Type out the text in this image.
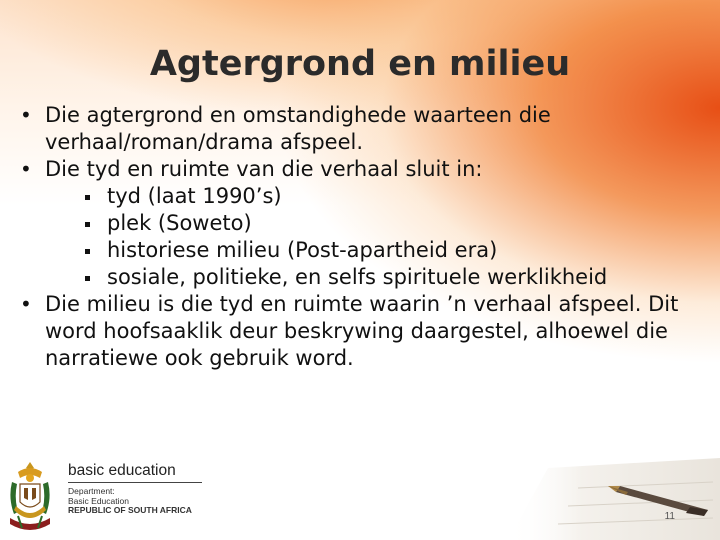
Agtergrond en milieu

• Die agtergrond en omstandighede waarteen die verhaal/roman/drama afspeel.

• Die tyd en ruimte van die verhaal sluit in:

tyd (laat 1990’s)

plek (Soweto)

historiese milieu (Post-apartheid era)

sosiale, politieke, en selfs spirituele werklikheid

• Die milieu is die tyd en ruimte waarin ’n verhaal afspeel. Dit word hoofsaaklik deur beskrywing daargestel, alhoewel die narratiewe ook gebruik word.

basic education
Department:
Basic Education
REPUBLIC OF SOUTH AFRICA
11
